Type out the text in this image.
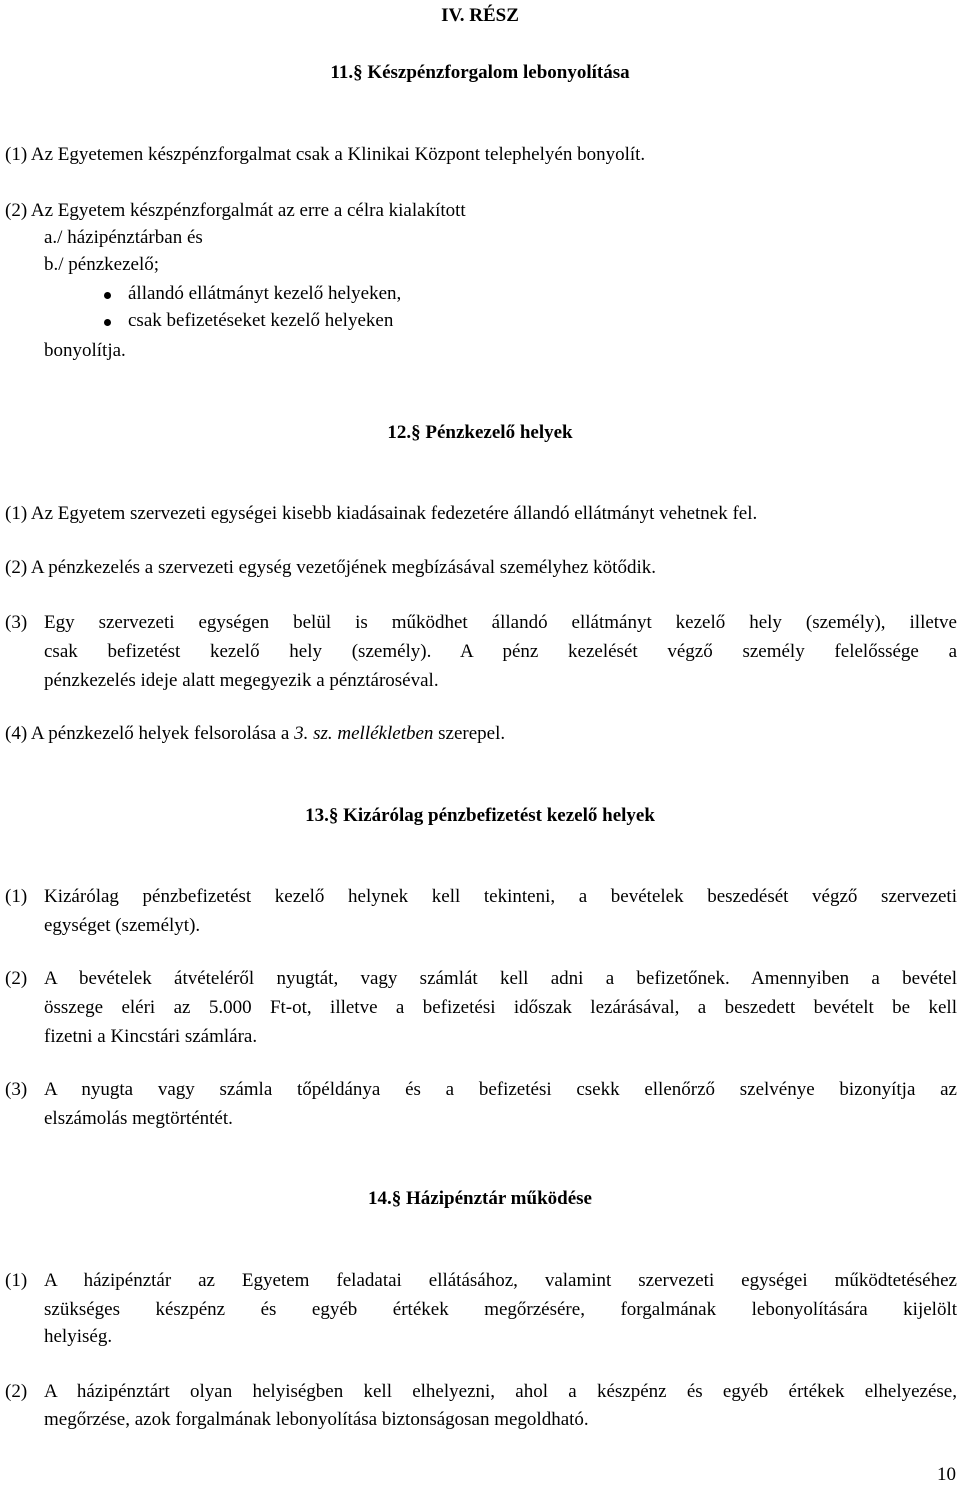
IV. RÉSZ
11.§ Készpénzforgalom lebonyolítása
(1) Az Egyetemen készpénzforgalmat csak a Klinikai Központ telephelyén bonyolít.
(2) Az Egyetem készpénzforgalmát az erre a célra kialakított
a./ házipénztárban és
b./ pénzkezelő;
állandó ellátmányt kezelő helyeken,
csak befizetéseket kezelő helyeken
bonyolítja.
12.§ Pénzkezelő helyek
(1) Az Egyetem szervezeti egységei kisebb kiadásainak fedezetére állandó ellátmányt vehetnek fel.
(2) A pénzkezelés a szervezeti egység vezetőjének megbízásával személyhez kötődik.
(3) Egy szervezeti egységen belül is működhet állandó ellátmányt kezelő hely (személy), illetve
csak befizetést kezelő hely (személy). A pénz kezelését végző személy felelőssége a
pénzkezelés ideje alatt megegyezik a pénztároséval.
(4) A pénzkezelő helyek felsorolása a 3. sz. mellékletben szerepel.
13.§ Kizárólag pénzbefizetést kezelő helyek
(1) Kizárólag pénzbefizetést kezelő helynek kell tekinteni, a bevételek beszedését végző szervezeti
egységet (személyt).
(2) A bevételek átvételéről nyugtát, vagy számlát kell adni a befizetőnek. Amennyiben a bevétel
összege eléri az 5.000 Ft-ot, illetve a befizetési időszak lezárásával, a beszedett bevételt be kell
fizetni a Kincstári számlára.
(3) A nyugta vagy számla tőpéldánya és a befizetési csekk ellenőrző szelvénye bizonyítja az
elszámolás megtörténtét.
14.§ Házipénztár működése
(1) A házipénztár az Egyetem feladatai ellátásához, valamint szervezeti egységei működtetéséhez
szükséges készpénz és egyéb értékek megőrzésére, forgalmának lebonyolítására kijelölt
helyiség.
(2) A házipénztárt olyan helyiségben kell elhelyezni, ahol a készpénz és egyéb értékek elhelyezése,
megőrzése, azok forgalmának lebonyolítása biztonságosan megoldható.
10
